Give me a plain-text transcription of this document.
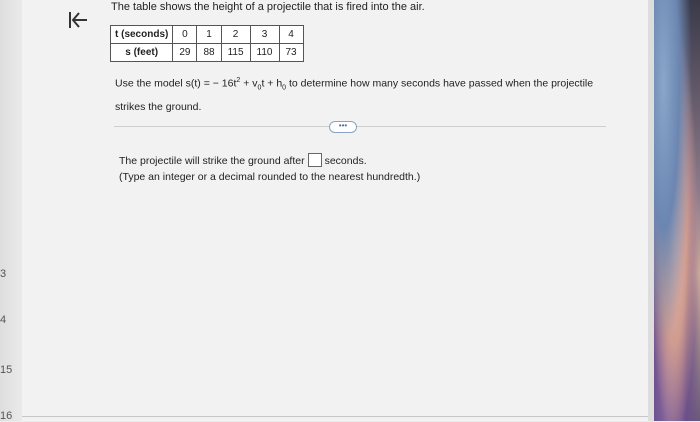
3
4
15
16
The table shows the height of a projectile that is fired into the air.
t (seconds)	0	1	2	3	4
s (feet)	29	88	115	110	73
Use the model s(t) = − $16t^2 + v_0t + h_0$ to determine how many seconds have passed when the projectile strikes the ground.
•••
The projectile will strike the ground after seconds.
(Type an integer or a decimal rounded to the nearest hundredth.)
